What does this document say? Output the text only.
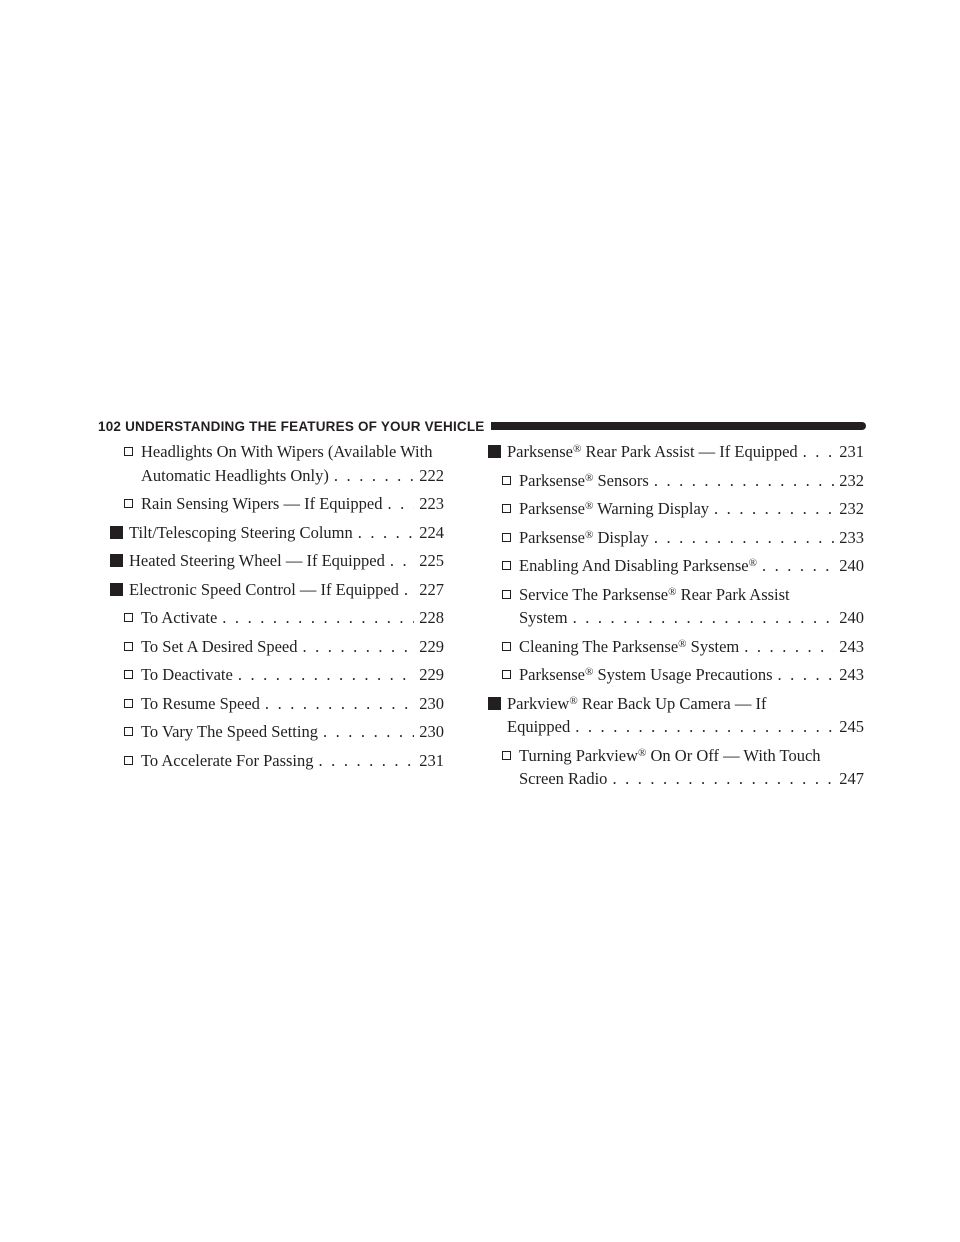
102 UNDERSTANDING THE FEATURES OF YOUR VEHICLE
Headlights On With Wipers (Available With
Automatic Headlights Only) . . .	222
Rain Sensing Wipers — If Equipped . . . 223
Tilt/Telescoping Steering Column . . .	224
Heated Steering Wheel — If Equipped . . . 225
Electronic Speed Control — If Equipped . . . 227
To Activate . . .	228
To Set A Desired Speed . . .	229
To Deactivate . . .	229
To Resume Speed . . .	230
To Vary The Speed Setting . . .	230
To Accelerate For Passing . . .	231
Parksense® Rear Park Assist — If Equipped . . .	231
Parksense® Sensors . . .	232
Parksense® Warning Display . . .	232
Parksense® Display . . .	233
Enabling And Disabling Parksense® . . .	240
Service The Parksense® Rear Park Assist
System . . .	240
Cleaning The Parksense® System . . .	243
Parksense® System Usage Precautions . . .	243
Parkview® Rear Back Up Camera — If
Equipped . . .	245
Turning Parkview® On Or Off — With Touch
Screen Radio . . .	247
